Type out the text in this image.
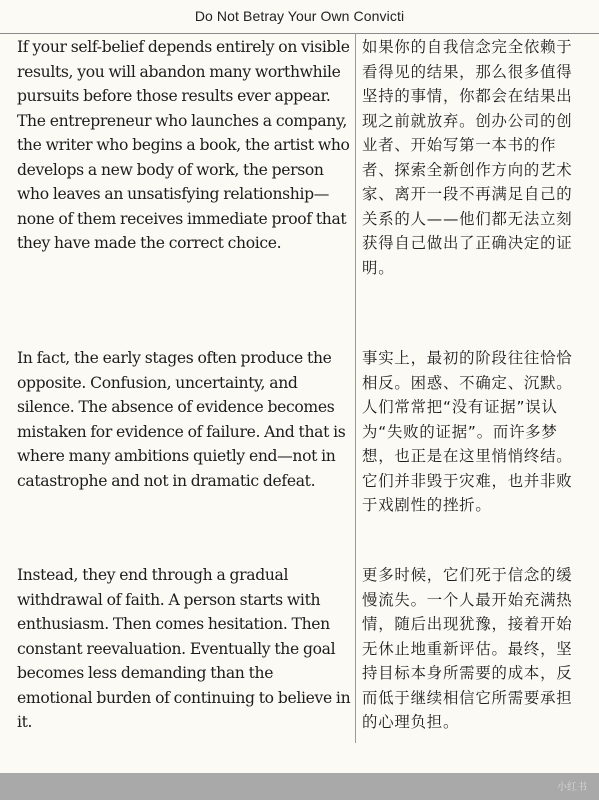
Do Not Betray Your Own Convicti
If your self-belief depends entirely on visible results, you will abandon many worthwhile pursuits before those results ever appear. The entrepreneur who launches a company, the writer who begins a book, the artist who develops a new body of work, the person who leaves an unsatisfying relationship—none of them receives immediate proof that they have made the correct choice.
如果你的自我信念完全依赖于看得见的结果，那么很多值得坚持的事情，你都会在结果出现之前就放弃。创办公司的创业者、开始写第一本书的作者、探索全新创作方向的艺术家、离开一段不再满足自己的关系的人——他们都无法立刻获得自己做出了正确决定的证明。
In fact, the early stages often produce the opposite. Confusion, uncertainty, and silence. The absence of evidence becomes mistaken for evidence of failure. And that is where many ambitions quietly end—not in catastrophe and not in dramatic defeat.
事实上，最初的阶段往往恰恰相反。困惑、不确定、沉默。人们常常把“没有证据”误认为“失败的证据”。而许多梦想，也正是在这里悄悄终结。它们并非毁于灾难，也并非败于戏剧性的挫折。
Instead, they end through a gradual withdrawal of faith. A person starts with enthusiasm. Then comes hesitation. Then constant reevaluation. Eventually the goal becomes less demanding than the emotional burden of continuing to believe in it.
更多时候，它们死于信念的缓慢流失。一个人最开始充满热情，随后出现犹豫，接着开始无休止地重新评估。最终，坚持目标本身所需要的成本，反而低于继续相信它所需要承担的心理负担。
小红书
